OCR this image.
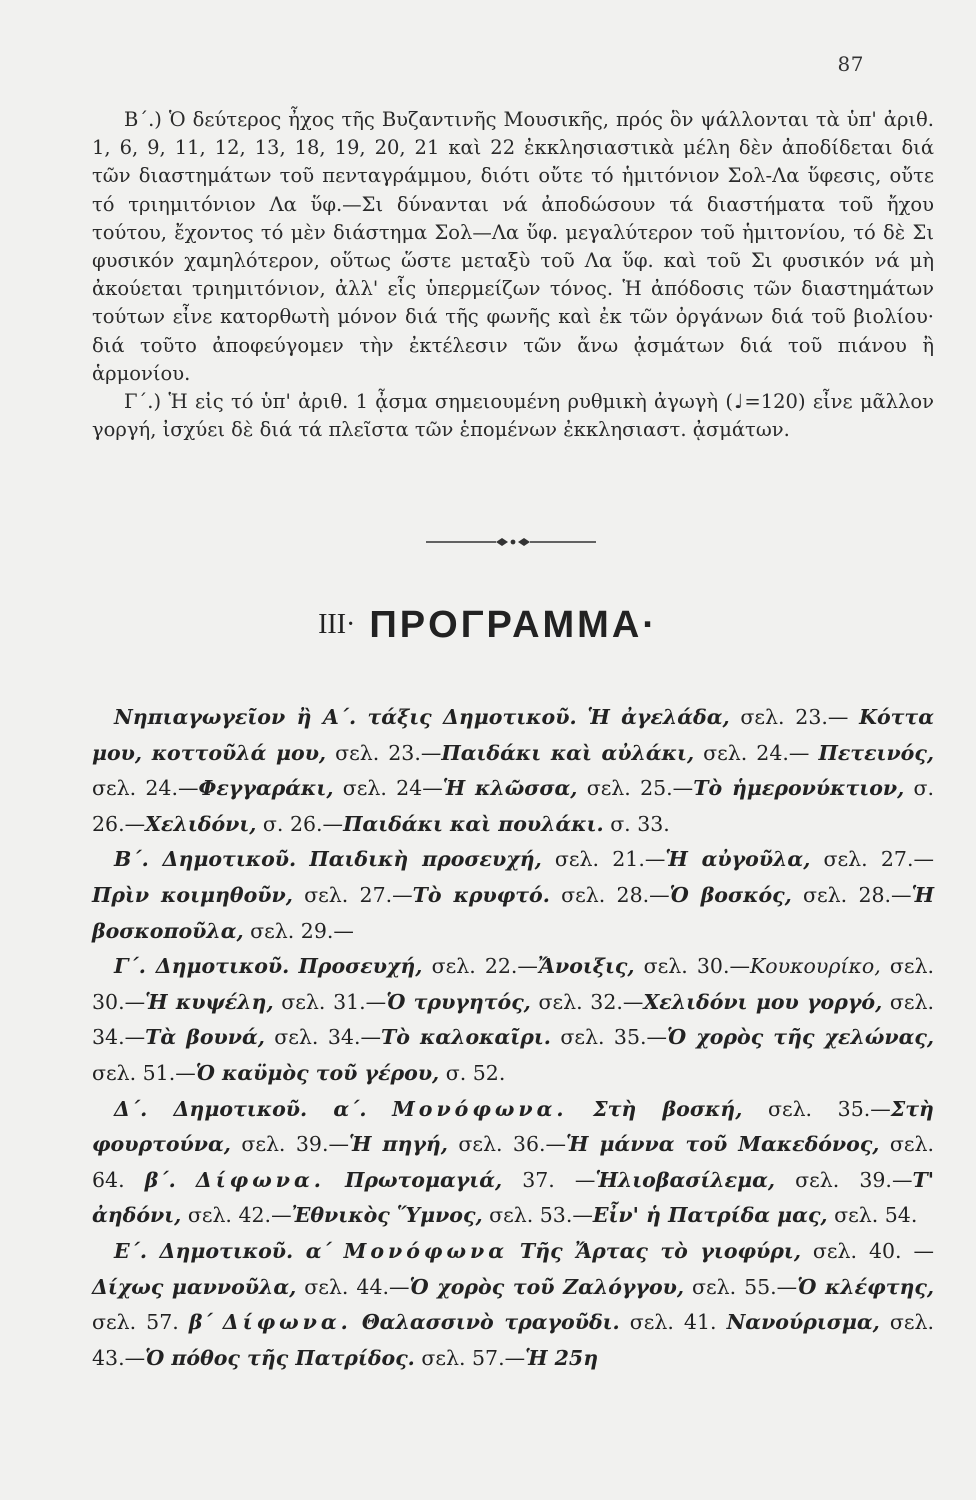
87

Β΄.) Ὁ δεύτερος ἦχος τῆς Βυζαντινῆς Μουσικῆς, πρός ὃν ψάλλονται τὰ ὑπ' ἀριθ. 1, 6, 9, 11, 12, 13, 18, 19, 20, 21 καὶ 22 ἐκκλησιαστικὰ μέλη δὲν ἀποδίδεται διά τῶν διαστημάτων τοῦ πενταγράμμου, διότι οὔτε τό ἡμιτόνιον Σολ-Λα ὕφεσις, οὔτε τό τριημιτόνιον Λα ὕφ.—Σι δύνανται νά ἀποδώσουν τά διαστήματα τοῦ ἤχου τούτου, ἔχοντος τό μὲν διάστημα Σολ—Λα ὕφ. μεγαλύτερον τοῦ ἡμιτονίου, τό δὲ Σι φυσικόν χαμηλότερον, οὕτως ὥστε μεταξὺ τοῦ Λα ὕφ. καὶ τοῦ Σι φυσικόν νά μὴ ἀκούεται τριημιτόνιον, ἀλλ' εἷς ὑπερμείζων τόνος. Ἡ ἀπόδοσις τῶν διαστημάτων τούτων εἶνε κατορθωτὴ μόνον διά τῆς φωνῆς καὶ ἐκ τῶν ὀργάνων διά τοῦ βιολίου· διά τοῦτο ἀποφεύγομεν τὴν ἐκτέλεσιν τῶν ἄνω ᾀσμάτων διά τοῦ πιάνου ἢ ἁρμονίου.

Γ΄.) Ἡ εἰς τό ὑπ' ἀριθ. 1 ᾆσμα σημειουμένη ρυθμικὴ ἀγωγὴ (♩=120) εἶνε μᾶλλον γοργή, ἰσχύει δὲ διά τά πλεῖστα τῶν ἑπομένων ἐκκλησιαστ. ᾀσμάτων.

III· ΠΡΟΓΡΑΜΜΑ·

Νηπιαγωγεῖον ἢ Α΄. τάξις Δημοτικοῦ. Ἡ ἀγελάδα, σελ. 23.— Κόττα μου, κοττοῦλά μου, σελ. 23.—Παιδάκι καὶ αὐλάκι, σελ. 24.— Πετεινός, σελ. 24.—Φεγγαράκι, σελ. 24—Ἡ κλῶσσα, σελ. 25.—Τὸ ἡμερονύκτιον, σ. 26.—Χελιδόνι, σ. 26.—Παιδάκι καὶ πουλάκι. σ. 33.

Β΄. Δημοτικοῦ. Παιδικὴ προσευχή, σελ. 21.—Ἡ αὐγοῦλα, σελ. 27.—Πρὶν κοιμηθοῦν, σελ. 27.—Τὸ κρυφτό. σελ. 28.—Ὁ βοσκός, σελ. 28.—Ἡ βοσκοποῦλα, σελ. 29.—

Γ΄. Δημοτικοῦ. Προσευχή, σελ. 22.—Ἄνοιξις, σελ. 30.—Κουκουρίκο, σελ. 30.—Ἡ κυψέλη, σελ. 31.—Ὁ τρυγητός, σελ. 32.—Χελιδόνι μου γοργό, σελ. 34.—Τὰ βουνά, σελ. 34.—Τὸ καλοκαῖρι. σελ. 35.—Ὁ χορὸς τῆς χελώνας, σελ. 51.—Ὁ καϋμὸς τοῦ γέρου, σ. 52.

Δ΄. Δημοτικοῦ. α΄. Μονόφωνα. Στὴ βοσκή, σελ. 35.—Στὴ φουρτούνα, σελ. 39.—Ἡ πηγή, σελ. 36.—Ἡ μάννα τοῦ Μακεδόνος, σελ. 64. β΄. Δίφωνα. Πρωτομαγιά, 37. —Ἡλιοβασίλεμα, σελ. 39.—Τ' ἀηδόνι, σελ. 42.—Ἐθνικὸς Ὕμνος, σελ. 53.—Εἶν' ἡ Πατρίδα μας, σελ. 54.

Ε΄. Δημοτικοῦ. α΄ Μονόφωνα Τῆς Ἄρτας τὸ γιοφύρι, σελ. 40. —Δίχως μαννοῦλα, σελ. 44.—Ὁ χορὸς τοῦ Ζαλόγγου, σελ. 55.—Ὁ κλέφτης, σελ. 57. β΄ Δίφωνα. Θαλασσινὸ τραγοῦδι. σελ. 41. Νανούρισμα, σελ. 43.—Ὁ πόθος τῆς Πατρίδος. σελ. 57.—Ἡ 25η
